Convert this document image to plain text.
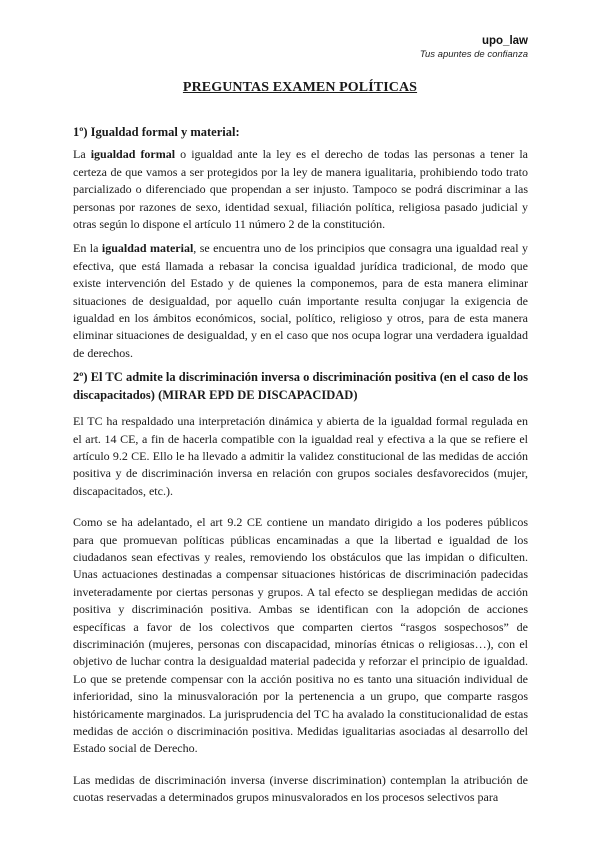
upo_law
Tus apuntes de confianza
PREGUNTAS EXAMEN POLÍTICAS
1º) Igualdad formal y material:

La igualdad formal o igualdad ante la ley es el derecho de todas las personas a tener la certeza de que vamos a ser protegidos por la ley de manera igualitaria, prohibiendo todo trato parcializado o diferenciado que propendan a ser injusto. Tampoco se podrá discriminar a las personas por razones de sexo, identidad sexual, filiación política, religiosa pasado judicial y otras según lo dispone el artículo 11 número 2 de la constitución.

En la igualdad material, se encuentra uno de los principios que consagra una igualdad real y efectiva, que está llamada a rebasar la concisa igualdad jurídica tradicional, de modo que existe intervención del Estado y de quienes la componemos, para de esta manera eliminar situaciones de desigualdad, por aquello cuán importante resulta conjugar la exigencia de igualdad en los ámbitos económicos, social, político, religioso y otros, para de esta manera eliminar situaciones de desigualdad, y en el caso que nos ocupa lograr una verdadera igualdad de derechos.

2º) El TC admite la discriminación inversa o discriminación positiva (en el caso de los discapacitados) (MIRAR EPD DE DISCAPACIDAD)

El TC ha respaldado una interpretación dinámica y abierta de la igualdad formal regulada en el art. 14 CE, a fin de hacerla compatible con la igualdad real y efectiva a la que se refiere el artículo 9.2 CE. Ello le ha llevado a admitir la validez constitucional de las medidas de acción positiva y de discriminación inversa en relación con grupos sociales desfavorecidos (mujer, discapacitados, etc.).

Como se ha adelantado, el art 9.2 CE contiene un mandato dirigido a los poderes públicos para que promuevan políticas públicas encaminadas a que la libertad e igualdad de los ciudadanos sean efectivas y reales, removiendo los obstáculos que las impidan o dificulten. Unas actuaciones destinadas a compensar situaciones históricas de discriminación padecidas inveteradamente por ciertas personas y grupos. A tal efecto se despliegan medidas de acción positiva y discriminación positiva. Ambas se identifican con la adopción de acciones específicas a favor de los colectivos que comparten ciertos “rasgos sospechosos” de discriminación (mujeres, personas con discapacidad, minorías étnicas o religiosas…), con el objetivo de luchar contra la desigualdad material padecida y reforzar el principio de igualdad. Lo que se pretende compensar con la acción positiva no es tanto una situación individual de inferioridad, sino la minusvaloración por la pertenencia a un grupo, que comparte rasgos históricamente marginados. La jurisprudencia del TC ha avalado la constitucionalidad de estas medidas de acción o discriminación positiva. Medidas igualitarias asociadas al desarrollo del Estado social de Derecho.

Las medidas de discriminación inversa (inverse discrimination) contemplan la atribución de cuotas reservadas a determinados grupos minusvalorados en los procesos selectivos para
